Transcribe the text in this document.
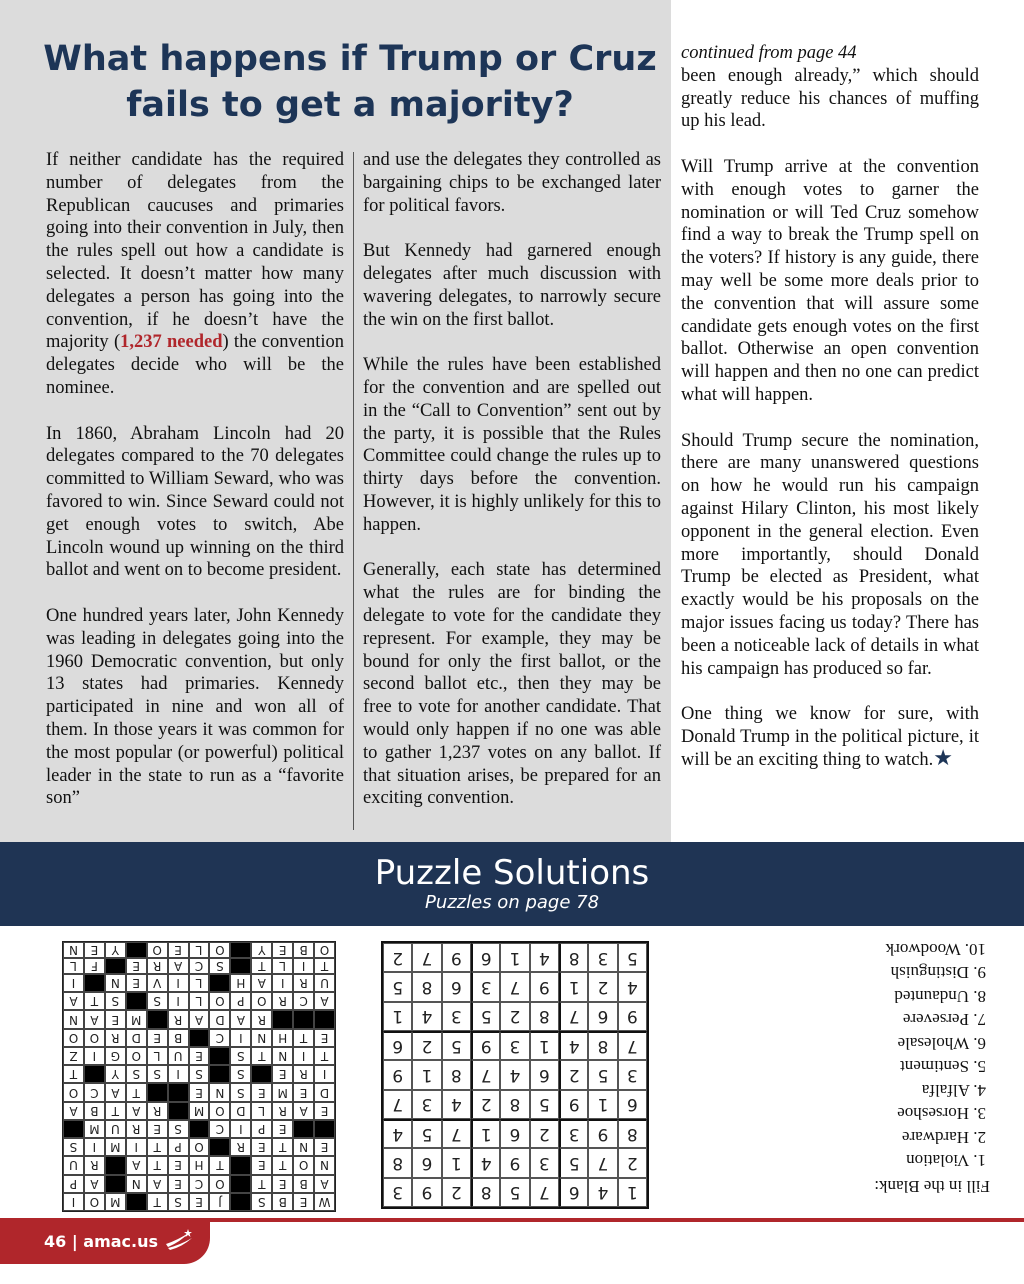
What happens if Trump or Cruz fails to get a majority?

If neither candidate has the required number of delegates from the Republican caucuses and primaries going into their convention in July, then the rules spell out how a candidate is selected. It doesn’t matter how many delegates a person has going into the convention, if he doesn’t have the majority (1,237 needed) the convention delegates decide who will be the nominee.

In 1860, Abraham Lincoln had 20 delegates compared to the 70 delegates committed to William Seward, who was favored to win. Since Seward could not get enough votes to switch, Abe Lincoln wound up winning on the third ballot and went on to become president.

One hundred years later, John Kennedy was leading in delegates going into the 1960 Democratic convention, but only 13 states had primaries. Kennedy participated in nine and won all of them. In those years it was common for the most popular (or powerful) political leader in the state to run as a “favorite son”

and use the delegates they controlled as bargaining chips to be exchanged later for political favors.

But Kennedy had garnered enough delegates after much discussion with wavering delegates, to narrowly secure the win on the first ballot.

While the rules have been established for the convention and are spelled out in the “Call to Convention” sent out by the party, it is possible that the Rules Committee could change the rules up to thirty days before the convention. However, it is highly unlikely for this to happen.

Generally, each state has determined what the rules are for binding the delegate to vote for the candidate they represent. For example, they may be bound for only the first ballot, or the second ballot etc., then they may be free to vote for another candidate. That would only happen if no one was able to gather 1,237 votes on any ballot. If that situation arises, be prepared for an exciting convention.

continued from page 44

been enough already,” which should greatly reduce his chances of muffing up his lead.

Will Trump arrive at the convention with enough votes to garner the nomination or will Ted Cruz somehow find a way to break the Trump spell on the voters? If history is any guide, there may well be some more deals prior to the convention that will assure some candidate gets enough votes on the first ballot. Otherwise an open convention will happen and then no one can predict what will happen.

Should Trump secure the nomination, there are many unanswered questions on how he would run his campaign against Hilary Clinton, his most likely opponent in the general election. Even more importantly, should Donald Trump be elected as President, what exactly would be his proposals on the major issues facing us today? There has been a noticeable lack of details in what his campaign has produced so far.

One thing we know for sure, with Donald Trump in the political picture, it will be an exciting thing to watch.★

Puzzle Solutions
Puzzles on page 78
W
E
B
S
J
E
S
T
M
O
I
A
B
E
T
O
C
E
A
N
A
P
N
O
T
E
T
H
E
T
A
R
U
E
N
T
E
R
O
P
T
I
M
I
S
E
P
I
C
S
E
R
U
M
E
A
R
L
D
O
M
R
A
T
B
A
D
E
M
E
S
N
E
T
A
C
O
I
R
E
S
S
I
S
S
Y
T
T
I
N
T
S
E
U
L
O
G
I
Z
E
T
H
N
I
C
B
E
D
R
O
O
R
A
D
A
R
M
E
A
N
A
C
R
O
P
O
L
I
S
S
T
A
U
R
I
A
H
L
I
V
E
N
I
T
I
L
T
S
C
A
R
E
F
L
O
B
E
Y
O
L
E
O
Y
E
N
1
4
6
7
5
8
2
9
3
2
7
5
3
9
4
1
6
8
8
9
3
2
6
1
7
5
4
6
1
9
5
8
2
4
3
7
3
5
2
6
4
7
8
1
9
7
8
4
1
3
9
5
2
6
9
6
7
8
2
5
3
4
1
4
2
1
9
7
3
6
8
5
5
3
8
4
1
6
9
7
2
Fill in the Blank:
1. Violation
2. Hardware
3. Horseshoe
4. Alfalfa
5. Sentiment
6. Wholesale
7. Persevere
8. Undaunted
9. Distinguish
10. Woodwork
46 | amac.us
